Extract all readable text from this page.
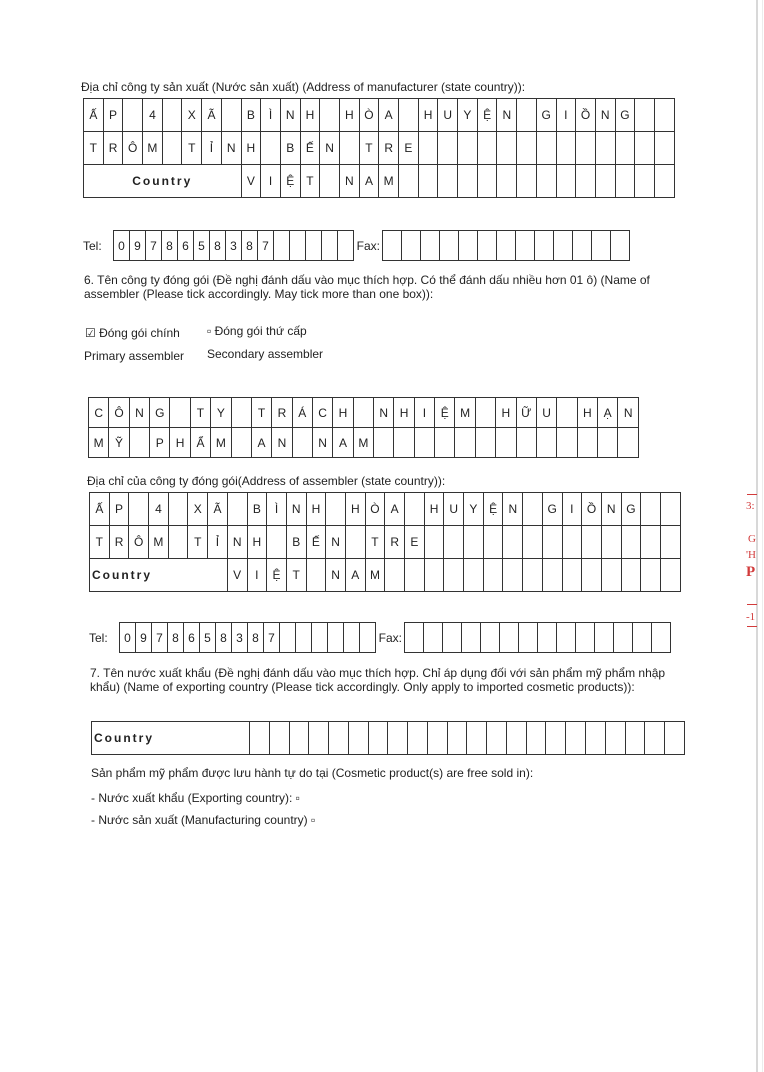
Địa chỉ công ty sản xuất (Nước sản xuất) (Address of manufacturer (state country)):
Ấ	P		4		X	Ã		B	Ì	N	H		H	Ò	A		H	U	Y	Ệ	N		G	I	Ồ	N	G		
T	R	Ô	M		T	Ỉ	N	H		B	Ế	N		T	R	E													
Country								V	I	Ệ	T		N	A	M														
Tel:	0	9	7	8	6	5	8	3	8	7						Fax:													
6. Tên công ty đóng gói (Đề nghị đánh dấu vào mục thích hợp. Có thể đánh dấu nhiều hơn 01 ô) (Name of assembler (Please tick accordingly. May tick more than one box)):
☑ Đóng gói chính ▫ Đóng gói thứ cấp
Primary assembler Secondary assembler
C	Ô	N	G		T	Y		T	R	Á	C	H		N	H	I	Ệ	M		H	Ữ	U		H	Ạ	N
M	Ỹ		P	H	Ẩ	M		A	N		N	A	M													
Địa chỉ của công ty đóng gói(Address of assembler (state country)):
Ấ	P		4		X	Ã		B	Ì	N	H		H	Ò	A		H	U	Y	Ệ	N		G	I	Ồ	N	G		
T	R	Ô	M		T	Ỉ	N	H		B	Ế	N		T	R	E													
Country							V	I	Ệ	T		N	A	M															
Tel:	0	9	7	8	6	5	8	3	8	7							Fax:														
7. Tên nước xuất khẩu (Đề nghị đánh dấu vào mục thích hợp. Chỉ áp dụng đối với sản phẩm mỹ phẩm nhập khẩu) (Name of exporting country (Please tick accordingly. Only apply to imported cosmetic products)):
Country																						
Sản phẩm mỹ phẩm được lưu hành tự do tại (Cosmetic product(s) are free sold in):
- Nước xuất khẩu (Exporting country): ▫
- Nước sản xuất (Manufacturing country) ▫
3:
G
'H
P
-1
